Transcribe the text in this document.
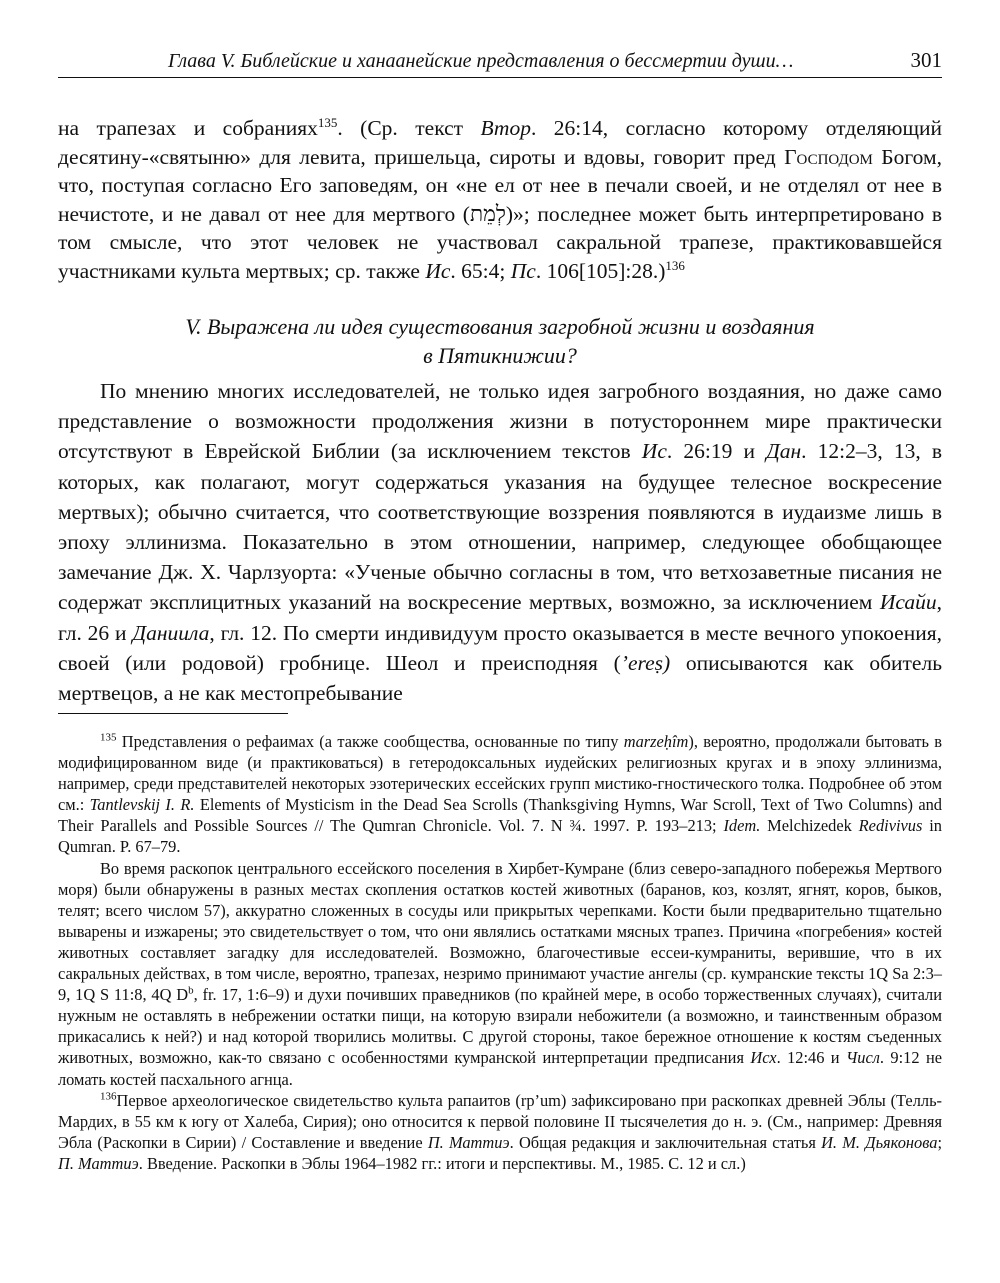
Глава V. Библейские и ханаанейские представления о бессмертии души…	301

на трапезах и собраниях$^{135}$. (Ср. текст Втор. 26:14, согласно которому отделяющий десятину-«святыню» для левита, пришельца, сироты и вдовы, говорит пред Господом Богом, что, поступая согласно Его заповедям, он «не ел от нее в печали своей, и не отделял от нее в нечистоте, и не давал от нее для мертвого (לְמֵת)»; последнее может быть интерпретировано в том смысле, что этот человек не участвовал сакральной трапезе, практиковавшейся участниками культа мертвых; ср. также Ис. 65:4; Пс. 106[105]:28.)$^{136}$

V. Выражена ли идея существования загробной жизни и воздаяния
в Пятикнижии?

По мнению многих исследователей, не только идея загробного воздаяния, но даже само представление о возможности продолжения жизни в потустороннем мире практически отсутствуют в Еврейской Библии (за исключением текстов Ис. 26:19 и Дан. 12:2–3, 13, в которых, как полагают, могут содержаться указания на будущее телесное воскресение мертвых); обычно считается, что соответствующие воззрения появляются в иудаизме лишь в эпоху эллинизма. Показательно в этом отношении, например, следующее обобщающее замечание Дж. Х. Чарлзуорта: «Ученые обычно согласны в том, что ветхозаветные писания не содержат эксплицитных указаний на воскресение мертвых, возможно, за исключением Исайи, гл. 26 и Даниила, гл. 12. По смерти индивидуум просто оказывается в месте вечного упокоения, своей (или родовой) гробнице. Шеол и преисподняя (’ereṣ) описываются как обитель мертвецов, а не как местопребывание

$^{135}$ Представления о рефаимах (а также сообщества, основанные по типу marzeḥîm), вероятно, продолжали бытовать в модифицированном виде (и практиковаться) в гетеродоксальных иудейских религиозных кругах и в эпоху эллинизма, например, среди представителей некоторых эзотерических ессейских групп мистико-гностического толка. Подробнее об этом см.: Tantlevskij I. R. Elements of Mysticism in the Dead Sea Scrolls (Thanksgiving Hymns, War Scroll, Text of Two Columns) and Their Parallels and Possible Sources // The Qumran Chronicle. Vol. 7. N ¾. 1997. P. 193–213; Idem. Melchizedek Redivivus in Qumran. P. 67–79.

Во время раскопок центрального ессейского поселения в Хирбет-Кумране (близ северо-западного побережья Мертвого моря) были обнаружены в разных местах скопления остатков костей животных (баранов, коз, козлят, ягнят, коров, быков, телят; всего числом 57), аккуратно сложенных в сосуды или прикрытых черепками. Кости были предварительно тщательно выварены и изжарены; это свидетельствует о том, что они являлись остатками мясных трапез. Причина «погребения» костей животных составляет загадку для исследователей. Возможно, благочестивые ессеи-кумраниты, верившие, что в их сакральных действах, в том числе, вероятно, трапезах, незримо принимают участие ангелы (ср. кумранские тексты 1Q Sa 2:3–9, 1Q S 11:8, 4Q $D^b$, fr. 17, 1:6–9) и духи почивших праведников (по крайней мере, в особо торжественных случаях), считали нужным не оставлять в небрежении остатки пищи, на которую взирали небожители (а возможно, и таинственным образом прикасались к ней?) и над которой творились молитвы. С другой стороны, такое бережное отношение к костям съеденных животных, возможно, как-то связано с особенностями кумранской интерпретации предписания Исх. 12:46 и Числ. 9:12 не ломать костей пасхального агнца.

$^{136}$Первое археологическое свидетельство культа рапаитов (rp’um) зафиксировано при раскопках древней Эблы (Телль-Мардих, в 55 км к югу от Халеба, Сирия); оно относится к первой половине II тысячелетия до н. э. (См., например: Древняя Эбла (Раскопки в Сирии) / Составление и введение П. Маттиэ. Общая редакция и заключительная статья И. М. Дьяконова; П. Маттиэ. Введение. Раскопки в Эблы 1964–1982 гг.: итоги и перспективы. М., 1985. С. 12 и сл.)
